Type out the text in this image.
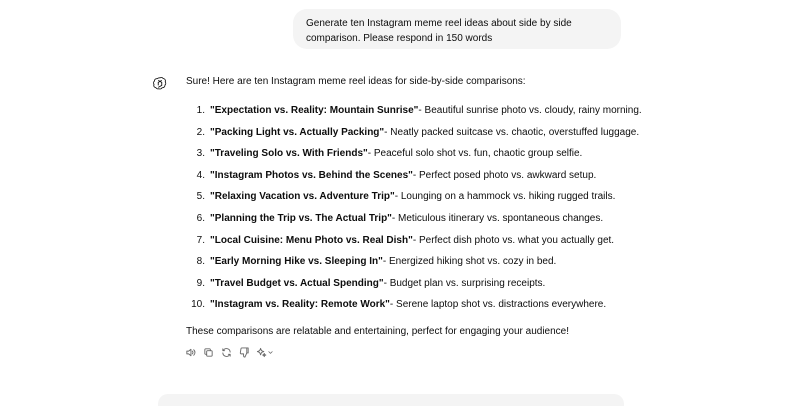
Generate ten Instagram meme reel ideas about side by side
comparison. Please respond in 150 words
Sure! Here are ten Instagram meme reel ideas for side-by-side comparisons:
1. "Expectation vs. Reality: Mountain Sunrise" - Beautiful sunrise photo vs. cloudy, rainy morning.
2. "Packing Light vs. Actually Packing" - Neatly packed suitcase vs. chaotic, overstuffed luggage.
3. "Traveling Solo vs. With Friends" - Peaceful solo shot vs. fun, chaotic group selfie.
4. "Instagram Photos vs. Behind the Scenes" - Perfect posed photo vs. awkward setup.
5. "Relaxing Vacation vs. Adventure Trip" - Lounging on a hammock vs. hiking rugged trails.
6. "Planning the Trip vs. The Actual Trip" - Meticulous itinerary vs. spontaneous changes.
7. "Local Cuisine: Menu Photo vs. Real Dish" - Perfect dish photo vs. what you actually get.
8. "Early Morning Hike vs. Sleeping In" - Energized hiking shot vs. cozy in bed.
9. "Travel Budget vs. Actual Spending" - Budget plan vs. surprising receipts.
10. "Instagram vs. Reality: Remote Work" - Serene laptop shot vs. distractions everywhere.
These comparisons are relatable and entertaining, perfect for engaging your audience!
